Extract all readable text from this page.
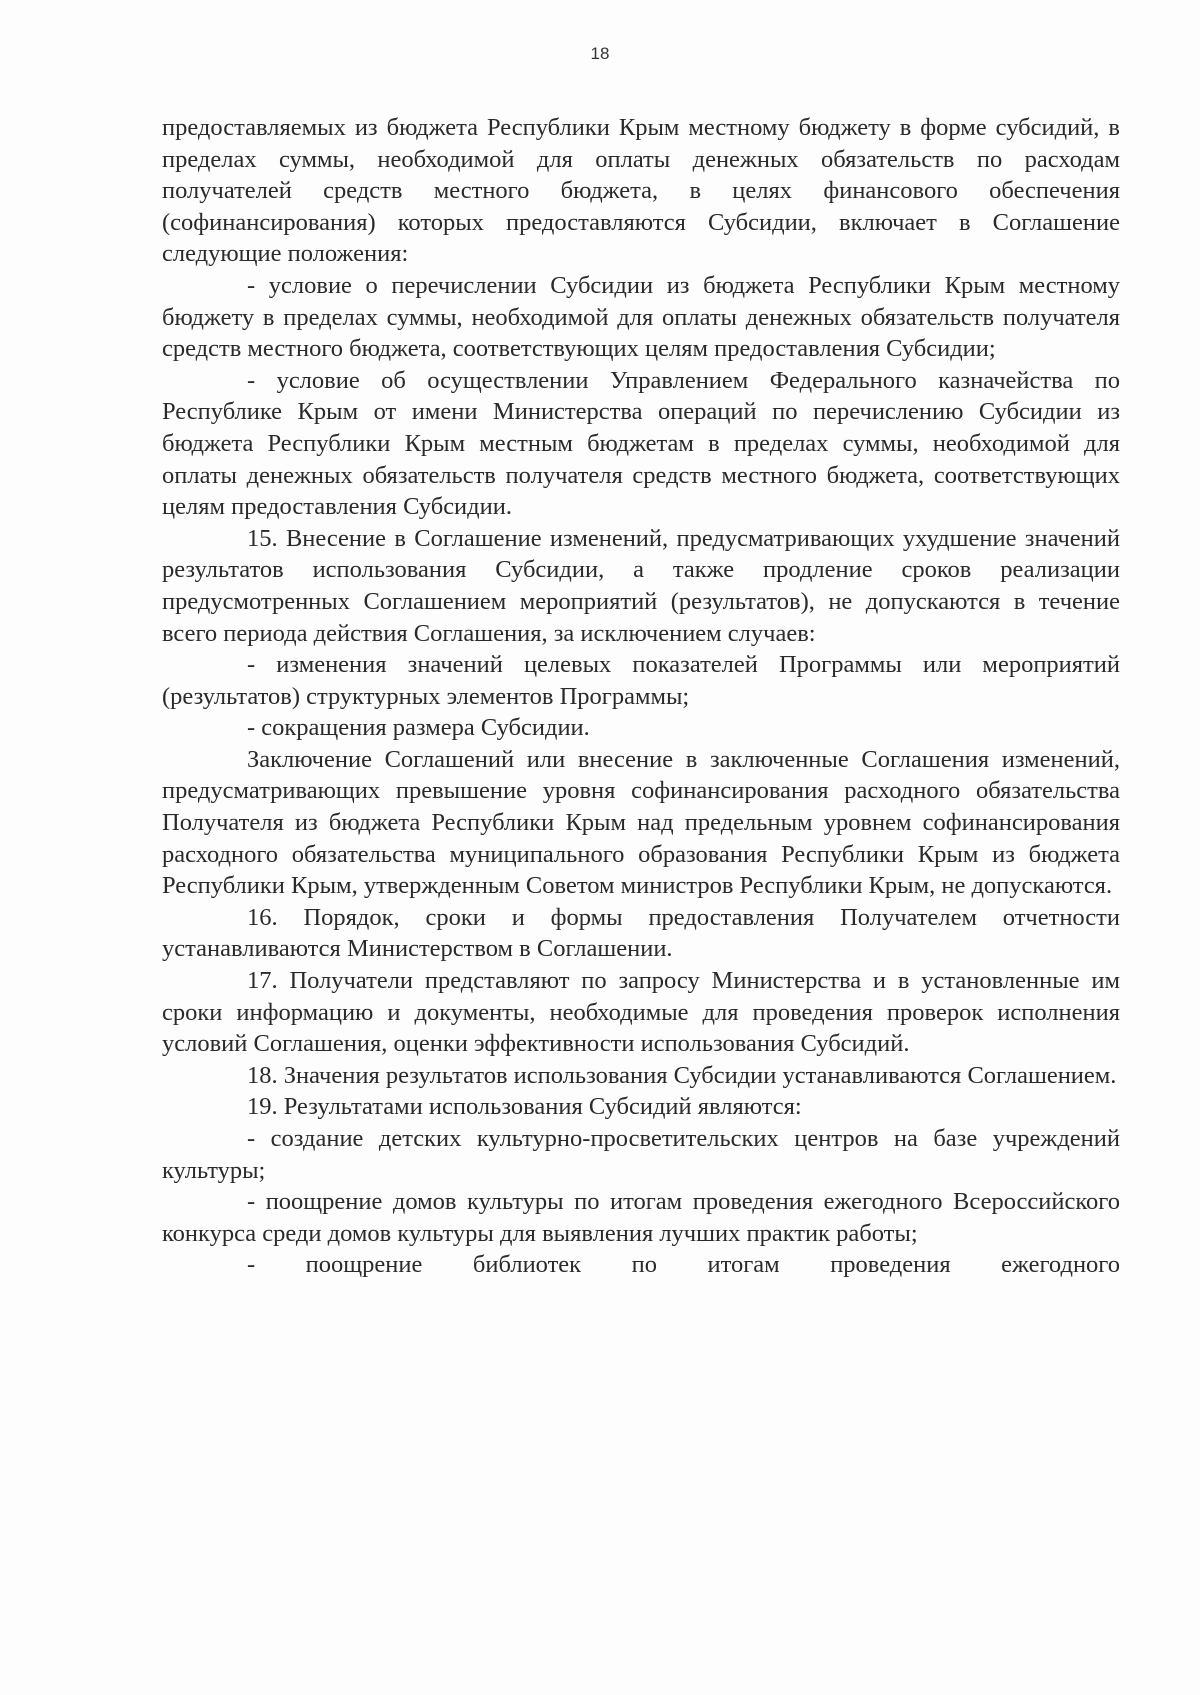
18

предоставляемых из бюджета Республики Крым местному бюджету в форме субсидий, в пределах суммы, необходимой для оплаты денежных обязательств по расходам получателей средств местного бюджета, в целях финансового обеспечения (софинансирования) которых предоставляются Субсидии, включает в Соглашение следующие положения:

- условие о перечислении Субсидии из бюджета Республики Крым местному бюджету в пределах суммы, необходимой для оплаты денежных обязательств получателя средств местного бюджета, соответствующих целям предоставления Субсидии;

- условие об осуществлении Управлением Федерального казначейства по Республике Крым от имени Министерства операций по перечислению Субсидии из бюджета Республики Крым местным бюджетам в пределах суммы, необходимой для оплаты денежных обязательств получателя средств местного бюджета, соответствующих целям предоставления Субсидии.

15. Внесение в Соглашение изменений, предусматривающих ухудшение значений результатов использования Субсидии, а также продление сроков реализации предусмотренных Соглашением мероприятий (результатов), не допускаются в течение всего периода действия Соглашения, за исключением случаев:

- изменения значений целевых показателей Программы или мероприятий (результатов) структурных элементов Программы;

- сокращения размера Субсидии.

Заключение Соглашений или внесение в заключенные Соглашения изменений, предусматривающих превышение уровня софинансирования расходного обязательства Получателя из бюджета Республики Крым над предельным уровнем софинансирования расходного обязательства муниципального образования Республики Крым из бюджета Республики Крым, утвержденным Советом министров Республики Крым, не допускаются.

16. Порядок, сроки и формы предоставления Получателем отчетности устанавливаются Министерством в Соглашении.

17. Получатели представляют по запросу Министерства и в установленные им сроки информацию и документы, необходимые для проведения проверок исполнения условий Соглашения, оценки эффективности использования Субсидий.

18. Значения результатов использования Субсидии устанавливаются Соглашением.

19. Результатами использования Субсидий являются:

- создание детских культурно-просветительских центров на базе учреждений культуры;

- поощрение домов культуры по итогам проведения ежегодного Всероссийского конкурса среди домов культуры для выявления лучших практик работы;

- поощрение библиотек по итогам проведения ежегодного
